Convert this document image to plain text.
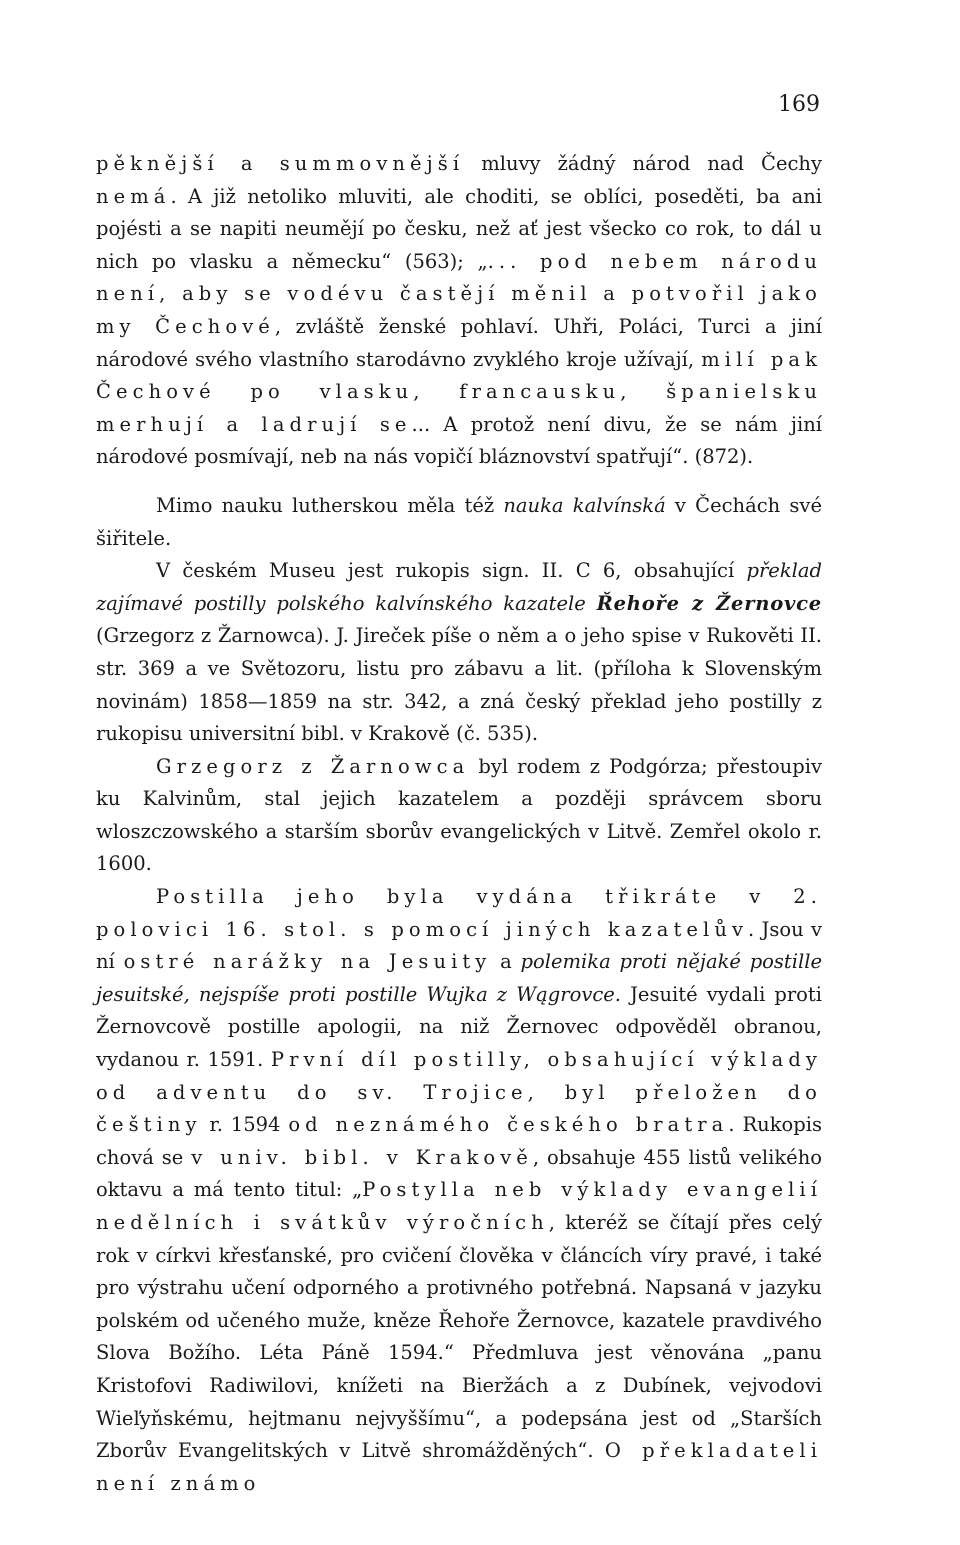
169

pěknější a summovnější mluvy žádný národ nad Čechy nemá. A již netoliko mluviti, ale choditi, se oblíci, poseděti, ba ani pojésti a se napiti neumějí po česku, než ať jest všecko co rok, to dál u nich po vlasku a německu“ (563); „... pod nebem národu není, aby se vodévu častějí měnil a potvořil jako my Čechové, zvláště ženské pohlaví. Uhři, Poláci, Turci a jiní národové svého vlastního starodávno zvyklého kroje užívají, milí pak Čechové po vlasku, francausku, španielsku merhují a ladrují se... A protož není divu, že se nám jiní národové posmívají, neb na nás vopičí bláznovství spatřují“. (872).

Mimo nauku lutherskou měla též nauka kalvínská v Čechách své šiřitele.

V českém Museu jest rukopis sign. II. C 6, obsahující překlad zajímavé postilly polského kalvínského kazatele Řehoře z Žernovce (Grzegorz z Žarnowca). J. Jireček píše o něm a o jeho spise v Rukověti II. str. 369 a ve Světozoru, listu pro zábavu a lit. (příloha k Slovenským novinám) 1858—1859 na str. 342, a zná český překlad jeho postilly z rukopisu universitní bibl. v Krakově (č. 535).

Grzegorz z Žarnowca byl rodem z Podgórza; přestoupiv ku Kalvinům, stal jejich kazatelem a později správcem sboru wloszczowského a starším sborův evangelických v Litvě. Zemřel okolo r. 1600.

Postilla jeho byla vydána třikráte v 2. polovici 16. stol. s pomocí jiných kazatelův. Jsou v ní ostré narážky na Jesuity a polemika proti nějaké postille jesuitské, nejspíše proti postille Wujka z Wągrovce. Jesuité vydali proti Žernovcově postille apologii, na niž Žernovec odpověděl obranou, vydanou r. 1591. První díl postilly, obsahující výklady od adventu do sv. Trojice, byl přeložen do češtiny r. 1594 od neznámého českého bratra. Rukopis chová se v univ. bibl. v Krakově, obsahuje 455 listů velikého oktavu a má tento titul: „Postylla neb výklady evangelií nedělních i svátkův výročních, kteréž se čítají přes celý rok v církvi křesťanské, pro cvičení člověka v článcích víry pravé, i také pro výstrahu učení odporného a protivného potřebná. Napsaná v jazyku polském od učeného muže, kněze Řehoře Žernovce, kazatele pravdivého Slova Božího. Léta Páně 1594.“ Předmluva jest věnována „panu Kristofovi Radiwilovi, knížeti na Bieržách a z Dubínek, vejvodovi Wieľyňskému, hejtmanu nejvyššímu“, a podepsána jest od „Starších Zborův Evangelitských v Litvě shromážděných“. O překladateli není známo
